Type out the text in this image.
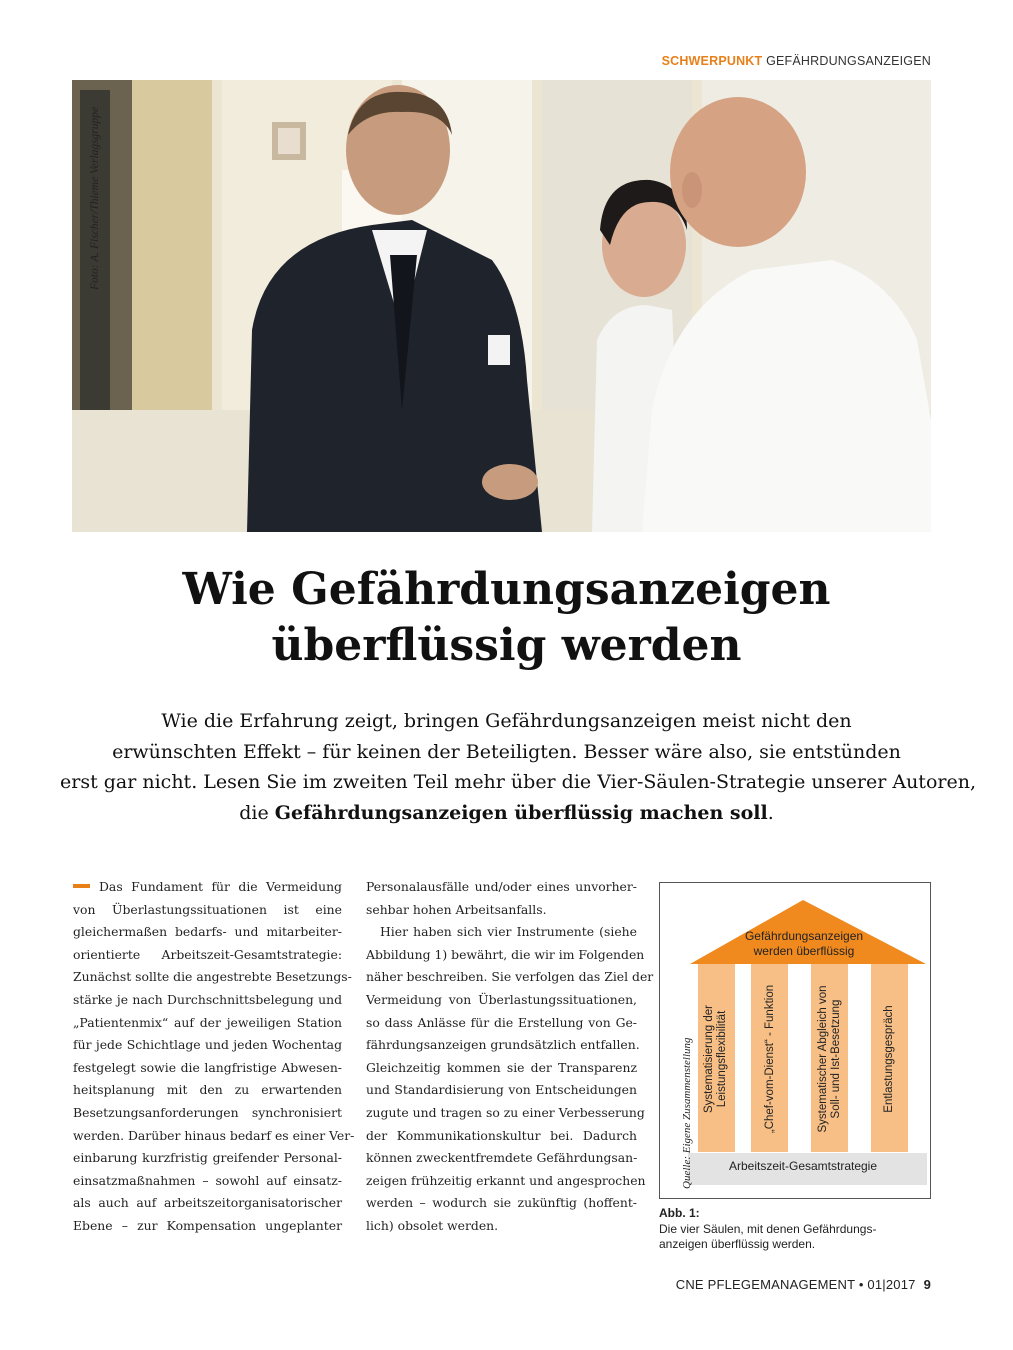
SCHWERPUNKT GEFÄHRDUNGSANZEIGEN
Foto: A. Fischer/Thieme Verlagsgruppe
Wie Gefährdungsanzeigen
überflüssig werden
Wie die Erfahrung zeigt, bringen Gefährdungsanzeigen meist nicht den
erwünschten Effekt – für keinen der Beteiligten. Besser wäre also, sie entstünden
erst gar nicht. Lesen Sie im zweiten Teil mehr über die Vier-Säulen-Strategie unserer Autoren,
die Gefährdungsanzeigen überflüssig machen soll.
Das Fundament für die Vermeidung
von Überlastungssituationen ist eine
gleichermaßen bedarfs- und mitarbeiter-
orientierte Arbeitszeit-Gesamtstrategie:
Zunächst sollte die angestrebte Besetzungs-
stärke je nach Durchschnittsbelegung und
„Patientenmix“ auf der jeweiligen Station
für jede Schichtlage und jeden Wochentag
festgelegt sowie die langfristige Abwesen-
heitsplanung mit den zu erwartenden
Besetzungsanforderungen synchronisiert
werden. Darüber hinaus bedarf es einer Ver-
einbarung kurzfristig greifender Personal-
einsatzmaßnahmen – sowohl auf einsatz-
als auch auf arbeitszeitorganisatorischer
Ebene – zur Kompensation ungeplanter
Personalausfälle und/oder eines unvorher-
sehbar hohen Arbeitsanfalls.
Hier haben sich vier Instrumente (siehe
Abbildung 1) bewährt, die wir im Folgenden
näher beschreiben. Sie verfolgen das Ziel der
Vermeidung von Überlastungssituationen,
so dass Anlässe für die Erstellung von Ge-
fährdungsanzeigen grundsätzlich entfallen.
Gleichzeitig kommen sie der Transparenz
und Standardisierung von Entscheidungen
zugute und tragen so zu einer Verbesserung
der Kommunikationskultur bei. Dadurch
können zweckentfremdete Gefährdungsan-
zeigen frühzeitig erkannt und angesprochen
werden – wodurch sie zukünftig (hoffent-
lich) obsolet werden.
Quelle: Eigene Zusammenstellung
Gefährdungsanzeigen
werden überflüssig
Systematisierung der Leistungsflexibilität	„Chef-vom-Dienst“ - Funktion	Systematischer Abgleich von Soll- und Ist-Besetzung	Entlastungsgespräch
Arbeitszeit-Gesamtstrategie
Abb. 1:
Die vier Säulen, mit denen Gefährdungs-
anzeigen überflüssig werden.
CNE PFLEGEMANAGEMENT • 01|2017 9
